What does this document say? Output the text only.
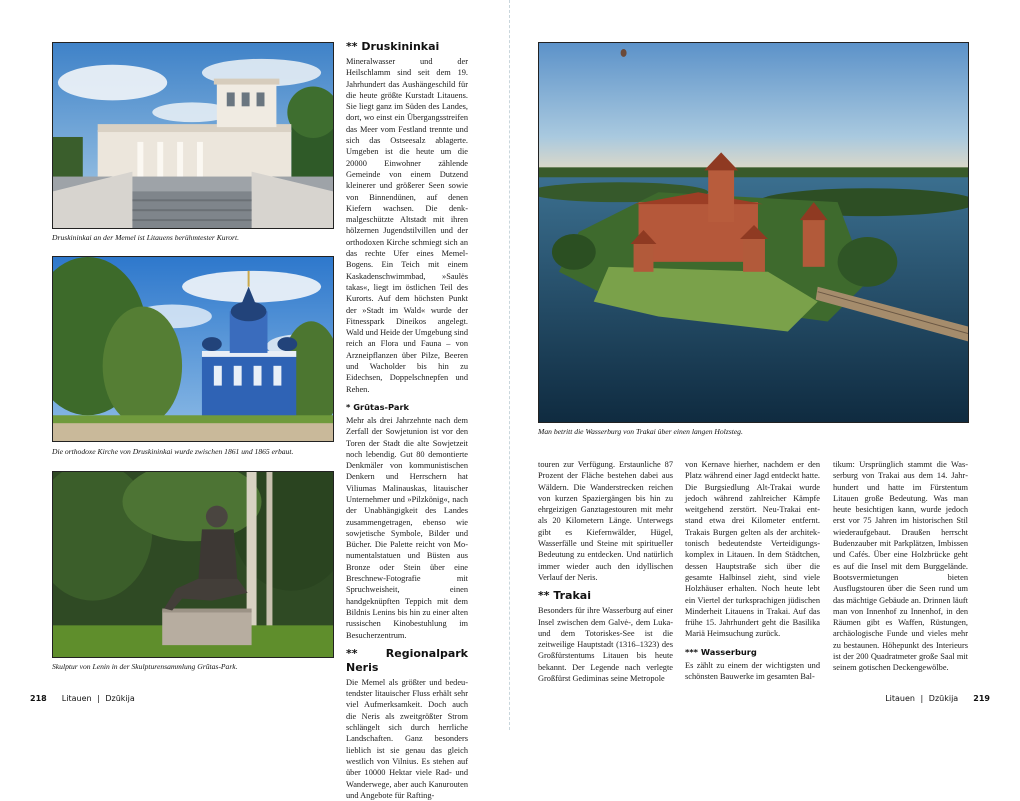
Druskininkai an der Memel ist Litauens berühmtester Kurort.
Die orthodoxe Kirche von Druskininkai wurde zwischen 1861 und 1865 erbaut.
Skulptur von Lenin in der Skulpturensammlung Grūtas-Park.
** Druskininkai

Mineralwasser und der Heilschlamm sind seit dem 19. Jahrhundert das Aushängeschild für die heute größte Kurstadt Litauens. Sie liegt ganz im Süden des Landes, dort, wo einst ein Übergangsstreifen das Meer vom Festland trennte und sich das Ostseesalz ablagerte. Umgeben ist die heute um die 20000 Einwohner zählende Gemeinde von einem Dutzend kleinerer und größerer Seen sowie von Binnendünen, auf denen Kiefern wachsen. Die denkmalgeschützte Altstadt mit ihren hölzernen Jugendstilvillen und der orthodoxen Kirche schmiegt sich an das rechte Ufer eines Memel-Bogens. Ein Teich mit einem Kaskadenschwimmbad, »Saulės takas«, liegt im östlichen Teil des Kurorts. Auf dem höchsten Punkt der »Stadt im Wald« wurde der Fitnesspark Dineikos angelegt. Wald und Heide der Umgebung sind reich an Flora und Fauna – von Arzneipflanzen über Pilze, Beeren und Wacholder bis hin zu Eidechsen, Doppelschnepfen und Rehen.

* Grūtas-Park

Mehr als drei Jahrzehnte nach dem Zerfall der Sowjetunion ist vor den Toren der Stadt die alte Sowjetzeit noch lebendig. Gut 80 demontierte Denkmäler von kommunistischen Denkern und Herrschern hat Viliumas Malinauskas, litauischer Unternehmer und »Pilzkönig«, nach der Unabhängigkeit des Landes zusammengetragen, ebenso wie sowjetische Symbole, Bilder und Bücher. Die Palette reicht von Monumentalstatuen und Büsten aus Bronze oder Stein über eine Breschnew-Fotografie mit Spruchweisheit, einen handgeknüpften Teppich mit dem Bildnis Lenins bis hin zu einer alten russischen Kinobestuhlung im Besucherzentrum.

** Regionalpark Neris

Die Memel als größter und bedeutendster litauischer Fluss erhält sehr viel Aufmerksamkeit. Doch auch die Neris als zweitgrößter Strom schlängelt sich durch herrliche Landschaften. Ganz besonders lieblich ist sie genau das gleich westlich von Vilnius. Es stehen auf über 10000 Hektar viele Rad- und Wanderwege, aber auch Kanurouten und Angebote für Rafting-

218 Litauen | Dzūkija
Man betritt die Wasserburg von Trakai über einen langen Holzsteg.

touren zur Verfügung. Erstaunliche 87 Prozent der Fläche bestehen dabei aus Wäldern. Die Wanderstrecken reichen von kurzen Spaziergängen bis hin zu ehrgeizigen Ganztagestouren mit mehr als 20 Kilometern Länge. Unterwegs gibt es Kiefernwälder, Hügel, Wasserfälle und Steine mit spiritueller Bedeutung zu entdecken. Und natürlich immer wieder auch den idyllischen Verlauf der Neris.

** Trakai

Besonders für ihre Wasserburg auf einer Insel zwischen dem Galvė-, dem Luka- und dem Totoriskes-See ist die zeitweilige Hauptstadt (1316–1323) des Großfürstentums Litauen bis heute bekannt. Der Legende nach verlegte Großfürst Gediminas seine Metropole

von Kernave hierher, nachdem er den Platz während einer Jagd entdeckt hatte. Die Burgsiedlung Alt-Trakai wurde jedoch während zahlreicher Kämpfe weitgehend zerstört. Neu-Trakai entstand etwa drei Kilometer entfernt. Trakais Burgen gelten als der architektonisch bedeutendste Verteidigungskomplex in Litauen. In dem Städtchen, dessen Hauptstraße sich über die gesamte Halbinsel zieht, sind viele Holzhäuser erhalten. Noch heute lebt ein Viertel der turksprachigen jüdischen Minderheit Litauens in Trakai. Auf das frühe 15. Jahrhundert geht die Basilika Mariä Heimsuchung zurück.

*** Wasserburg

Es zählt zu einem der wichtigsten und schönsten Bauwerke im gesamten Bal-

tikum: Ursprünglich stammt die Wasserburg von Trakai aus dem 14. Jahrhundert und hatte im Fürstentum Litauen große Bedeutung. Was man heute besichtigen kann, wurde jedoch erst vor 75 Jahren im historischen Stil wiederaufgebaut. Draußen herrscht Budenzauber mit Parkplätzen, Imbissen und Cafés. Über eine Holzbrücke geht es auf die Insel mit dem Burggelände. Bootsvermietungen bieten Ausflugstouren über die Seen rund um das mächtige Gebäude an. Drinnen läuft man von Innenhof zu Innenhof, in den Räumen gibt es Waffen, Rüstungen, archäologische Funde und vieles mehr zu bestaunen. Höhepunkt des Interieurs ist der 200 Quadratmeter große Saal mit seinem gotischen Deckengewölbe.

Litauen | Dzūkija 219
